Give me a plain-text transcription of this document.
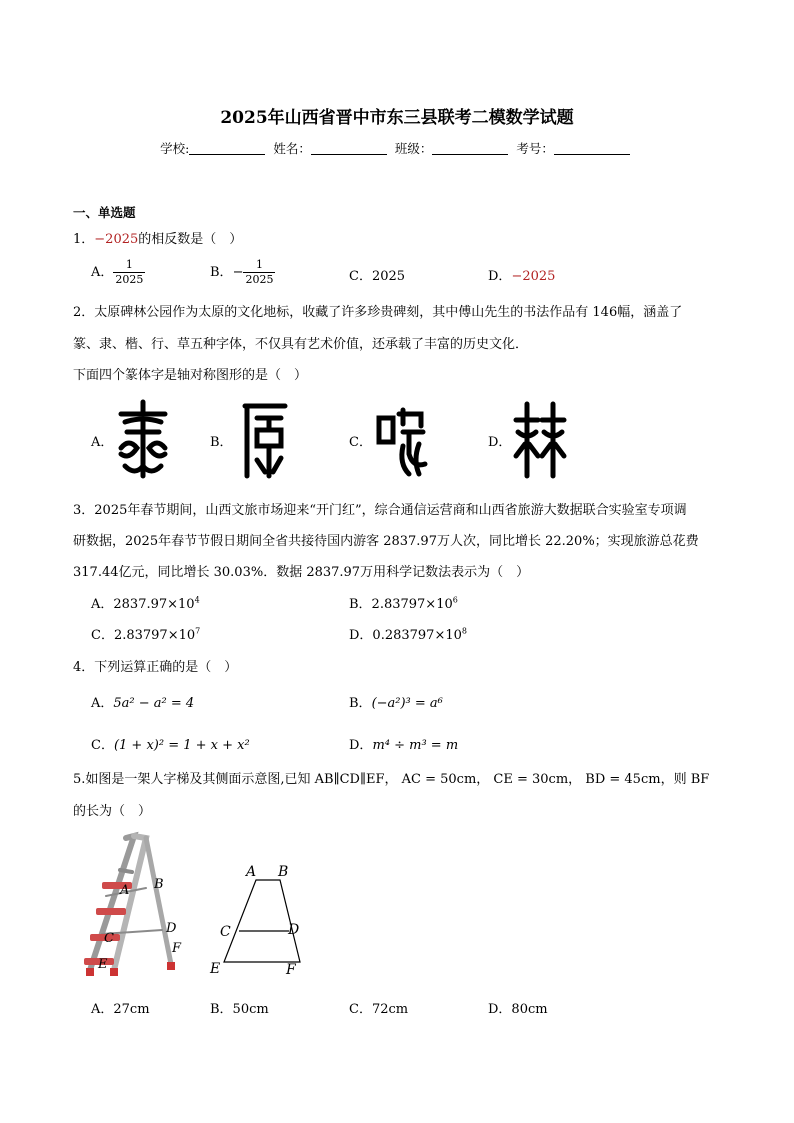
2025年山西省晋中市东三县联考二模数学试题
学校:	姓名：	班级：	考号：
一、单选题
1．−2025的相反数是（　）
A． $\frac{1}{2025}$	B．− $\frac{1}{2025}$	C．2025	D．−2025
2．太原碑林公园作为太原的文化地标，收藏了许多珍贵碑刻，其中傅山先生的书法作品有 146幅，涵盖了
篆、隶、楷、行、草五种字体，不仅具有艺术价值，还承载了丰富的历史文化．
下面四个篆体字是轴对称图形的是（　）
A．	B．	C．	D．
3．2025年春节期间，山西文旅市场迎来“开门红”，综合通信运营商和山西省旅游大数据联合实验室专项调
研数据，2025年春节节假日期间全省共接待国内游客 2837.97万人次，同比增长 22.20%；实现旅游总花费
317.44亿元，同比增长 30.03%．数据 2837.97万用科学记数法表示为（　）
A．$2837.97\times 10^4$	B．$2.83797\times 10^6$
C．$2.83797\times 10^7$	D．$0.283797\times 10^8$
4．下列运算正确的是（　）
A．5a² − a² = 4	B．(−a²)³ = a⁶
C．(1 + x)² = 1 + x + x²	D．m⁴ ÷ m³ = m
5.如图是一架人字梯及其侧面示意图,已知 AB∥CD∥EF， AC = 50cm， CE = 30cm， BD = 45cm，则 BF
的长为（　）
A B
C
D
E
F
A B
C	D
E	F
A．27cm	B．50cm	C．72cm	D．80cm
